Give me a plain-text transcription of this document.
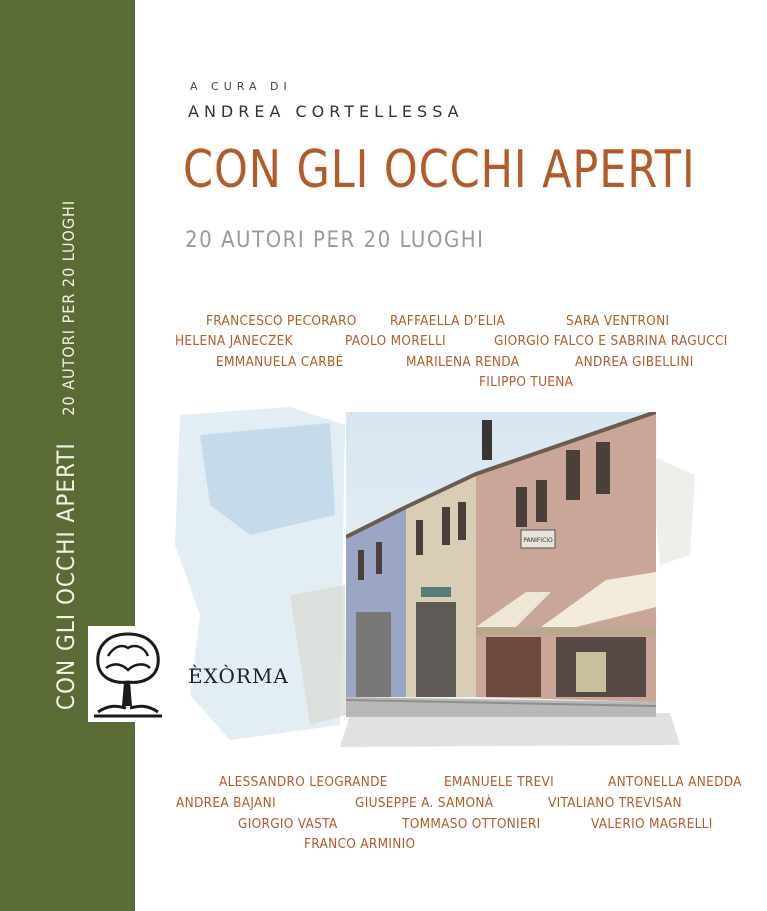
CON GLI OCCHI APERTI 20 AUTORI PER 20 LUOGHI
A CURA DI
ANDREA CORTELLESSA
CON GLI OCCHI APERTI
20 AUTORI PER 20 LUOGHI
FRANCESCO PECORARO RAFFAELLA D’ELIA	SARA VENTRONI
HELENA JANECZEK	PAOLO MORELLI	GIORGIO FALCO E SABRINA RAGUCCI
EMMANUELA CARBÉ	MARILENA RENDA	ANDREA GIBELLINI
FILIPPO TUENA
PANIFICIO
ALESSANDRO LEOGRANDE	EMANUELE TREVI	ANTONELLA ANEDDA
ANDREA BAJANI	GIUSEPPE A. SAMONÀ	VITALIANO TREVISAN
GIORGIO VASTA	TOMMASO OTTONIERI	VALERIO MAGRELLI
FRANCO ARMINIO
ÈXÒRMA
